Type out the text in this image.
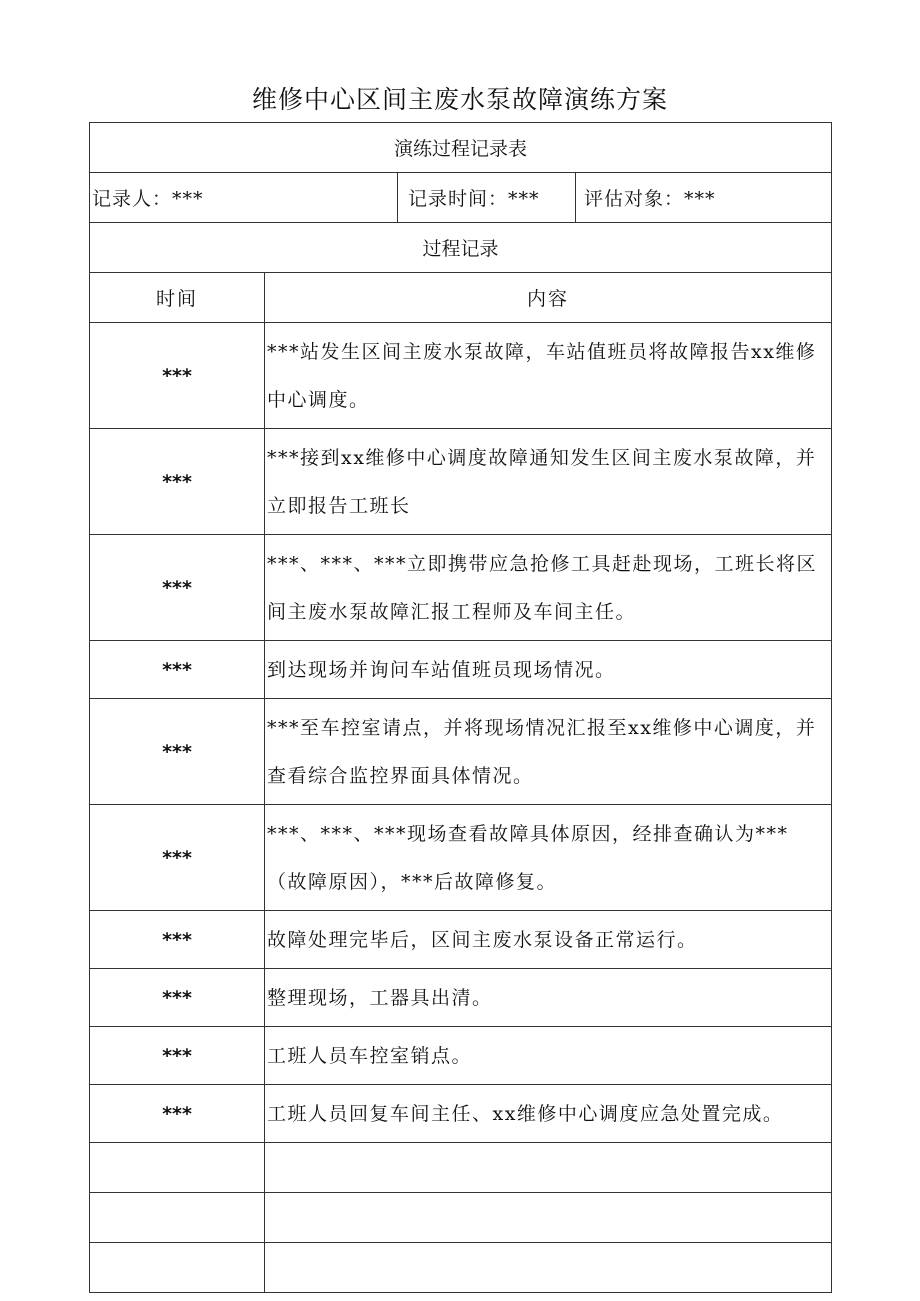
维修中心区间主废水泵故障演练方案
演练过程记录表			
记录人：***		记录时间：***	评估对象：***
过程记录			
时间	内容		
***	***站发生区间主废水泵故障，车站值班员将故障报告xx维修中心调度。		
***	***接到xx维修中心调度故障通知发生区间主废水泵故障，并立即报告工班长		
***	***、***、***立即携带应急抢修工具赶赴现场，工班长将区间主废水泵故障汇报工程师及车间主任。		
***	到达现场并询问车站值班员现场情况。		
***	***至车控室请点，并将现场情况汇报至xx维修中心调度，并查看综合监控界面具体情况。		
***	***、***、***现场查看故障具体原因，经排查确认为***（故障原因），***后故障修复。		
***	故障处理完毕后，区间主废水泵设备正常运行。		
***	整理现场，工器具出清。		
***	工班人员车控室销点。		
***	工班人员回复车间主任、xx维修中心调度应急处置完成。		
